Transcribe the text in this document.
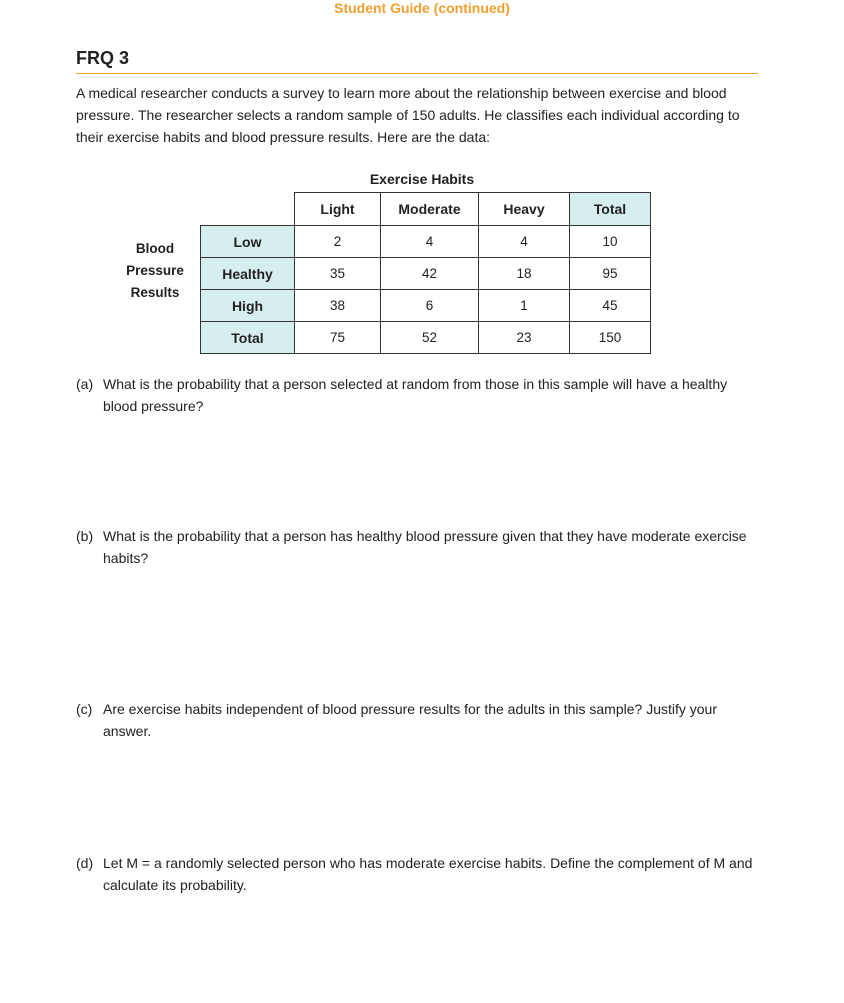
Student Guide (continued)
FRQ 3
A medical researcher conducts a survey to learn more about the relationship between exercise and blood pressure. The researcher selects a random sample of 150 adults. He classifies each individual according to their exercise habits and blood pressure results. Here are the data:
Exercise Habits
Blood
Pressure
Results
Light	Moderate	Heavy	Total
Low	2	4	4	10
Healthy	35	42	18	95
High	38	6	1	45
Total	75	52	23	150
(a) What is the probability that a person selected at random from those in this sample will have a healthy blood pressure?
(b) What is the probability that a person has healthy blood pressure given that they have moderate exercise habits?
(c) Are exercise habits independent of blood pressure results for the adults in this sample? Justify your answer.
(d) Let M = a randomly selected person who has moderate exercise habits. Define the complement of M and calculate its probability.
